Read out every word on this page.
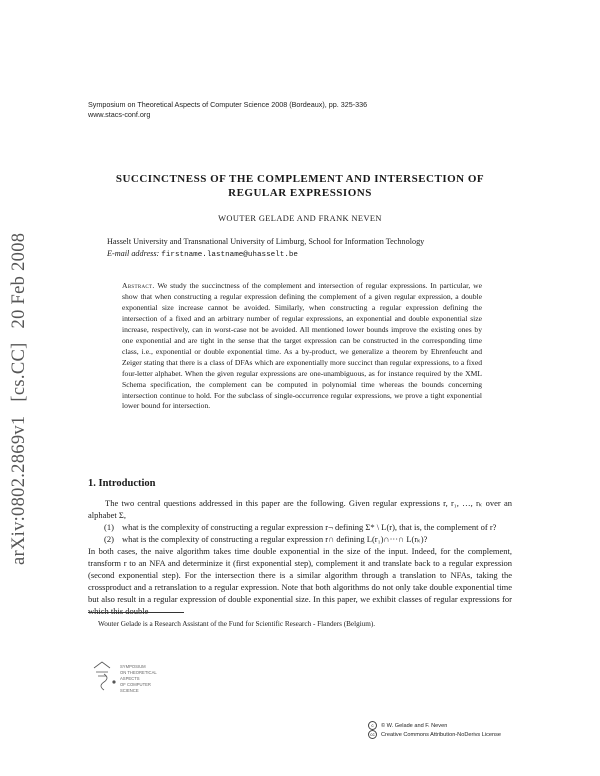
arXiv:0802.2869v1 [cs.CC] 20 Feb 2008
Symposium on Theoretical Aspects of Computer Science 2008 (Bordeaux), pp. 325-336
www.stacs-conf.org
SUCCINCTNESS OF THE COMPLEMENT AND INTERSECTION OF
REGULAR EXPRESSIONS
WOUTER GELADE AND FRANK NEVEN
Hasselt University and Transnational University of Limburg, School for Information Technology
E-mail address: firstname.lastname@uhasselt.be
Abstract. We study the succinctness of the complement and intersection of regular expressions. In particular, we show that when constructing a regular expression defining the complement of a given regular expression, a double exponential size increase cannot be avoided. Similarly, when constructing a regular expression defining the intersection of a fixed and an arbitrary number of regular expressions, an exponential and double exponential size increase, respectively, can in worst-case not be avoided. All mentioned lower bounds improve the existing ones by one exponential and are tight in the sense that the target expression can be constructed in the corresponding time class, i.e., exponential or double exponential time. As a by-product, we generalize a theorem by Ehrenfeucht and Zeiger stating that there is a class of DFAs which are exponentially more succinct than regular expressions, to a fixed four-letter alphabet. When the given regular expressions are one-unambiguous, as for instance required by the XML Schema specification, the complement can be computed in polynomial time whereas the bounds concerning intersection continue to hold. For the subclass of single-occurrence regular expressions, we prove a tight exponential lower bound for intersection.
1. Introduction

The two central questions addressed in this paper are the following. Given regular expressions r, r₁, …, rₖ over an alphabet Σ,

(1) what is the complexity of constructing a regular expression r¬ defining Σ* \ L(r), that is, the complement of r?
(2) what is the complexity of constructing a regular expression r∩ defining L(r₁)∩···∩ L(rₖ)?

In both cases, the naive algorithm takes time double exponential in the size of the input. Indeed, for the complement, transform r to an NFA and determinize it (first exponential step), complement it and translate back to a regular expression (second exponential step). For the intersection there is a similar algorithm through a translation to NFAs, taking the crossproduct and a retranslation to a regular expression. Note that both algorithms do not only take double exponential time but also result in a regular expression of double exponential size. In this paper, we exhibit classes of regular expressions for which this double

Wouter Gelade is a Research Assistant of the Fund for Scientific Research - Flanders (Belgium).
SYMPOSIUM
ON THEORETICAL
ASPECTS
OF COMPUTER
SCIENCE
c	© W. Gelade and F. Neven
cc	Creative Commons Attribution-NoDerivs License
